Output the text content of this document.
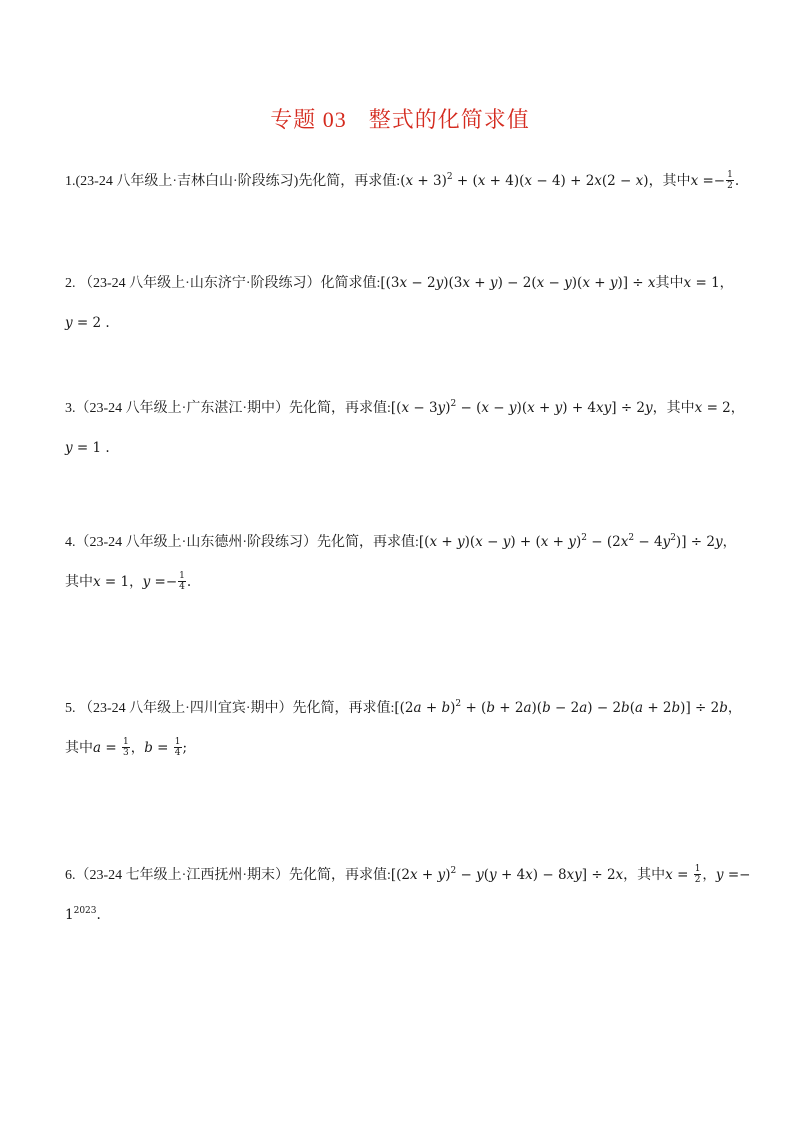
专题 03 整式的化简求值
1.(23-24 八年级上·吉林白山·阶段练习)先化简，再求值:(x + 3)$^2$ + (x + 4)(x − 4) + 2x(2 − x)，其中$x =- \frac{1}{2}$ .
2. （23-24 八年级上·山东济宁·阶段练习）化简求值:[(3x − 2y)(3x + y) − 2(x − y)(x + y)] ÷ x其中x = 1，
y = 2 .
3.（23-24 八年级上·广东湛江·期中）先化简，再求值:[(x − 3y)$^2$ − (x − y)(x + y) + 4xy] ÷ 2y，其中x = 2，
y = 1 .
4.（23-24 八年级上·山东德州·阶段练习）先化简，再求值:[(x + $y)(x - y) + (x + y)^2 - (2x^2 - 4y^2)] \div 2y$，
其中x = 1，$y =- \frac{1}{4}$ .
5. （23-24 八年级上·四川宜宾·期中）先化简，再求值:[(2a + b)$^2$ + (b + 2a)(b − 2a) − 2b(a + 2b)] ÷ 2b，
其中$a = \frac{1}{3}$ ，$b = \frac{1}{4}$ ;
6.（23-24 七年级上·江西抚州·期末）先化简，再求值:[(2x + y)$^2$ − y(y + 4x) − 8xy] ÷ 2x，其中$x = \frac{1}{2}$ ，y =−
$1^{2023}$.
